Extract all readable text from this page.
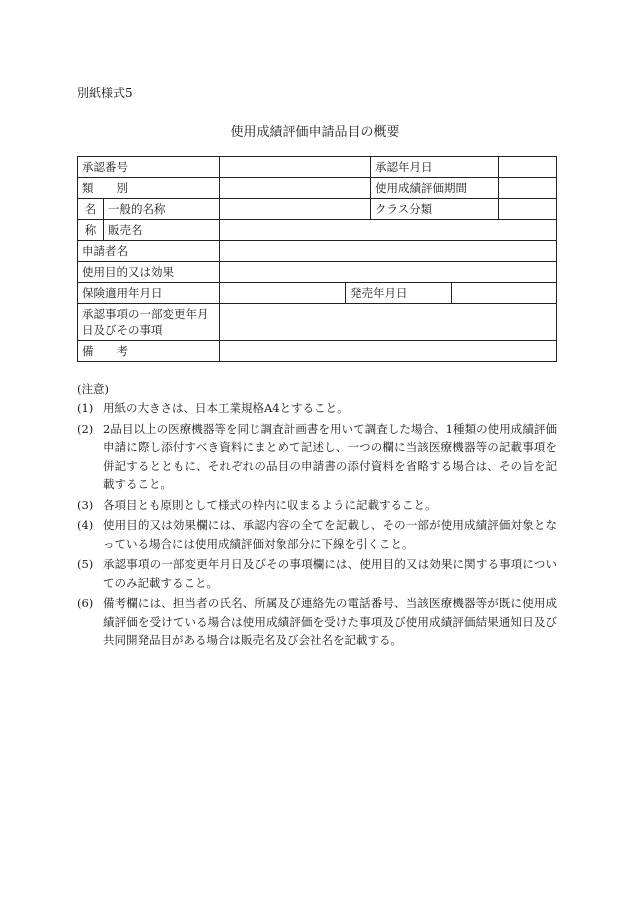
別紙様式5
使用成績評価申請品目の概要
承認番号				承認年月日		
類　　別				使用成績評価期間		
名	一般的名称			クラス分類		
称	販売名					
申請者名						
使用目的又は効果						
保険適用年月日			発売年月日			
承認事項の一部変更年月日及びその事項						
備　　考						
(注意)
(1) 用紙の大きさは、日本工業規格A4とすること。
(2) 2品目以上の医療機器等を同じ調査計画書を用いて調査した場合、1種類の使用成績評価申請に際し添付すべき資料にまとめて記述し、一つの欄に当該医療機器等の記載事項を併記するとともに、それぞれの品目の申請書の添付資料を省略する場合は、その旨を記載すること。
(3) 各項目とも原則として様式の枠内に収まるように記載すること。
(4) 使用目的又は効果欄には、承認内容の全てを記載し、その一部が使用成績評価対象となっている場合には使用成績評価対象部分に下線を引くこと。
(5) 承認事項の一部変更年月日及びその事項欄には、使用目的又は効果に関する事項についてのみ記載すること。
(6) 備考欄には、担当者の氏名、所属及び連絡先の電話番号、当該医療機器等が既に使用成績評価を受けている場合は使用成績評価を受けた事項及び使用成績評価結果通知日及び共同開発品目がある場合は販売名及び会社名を記載する。
